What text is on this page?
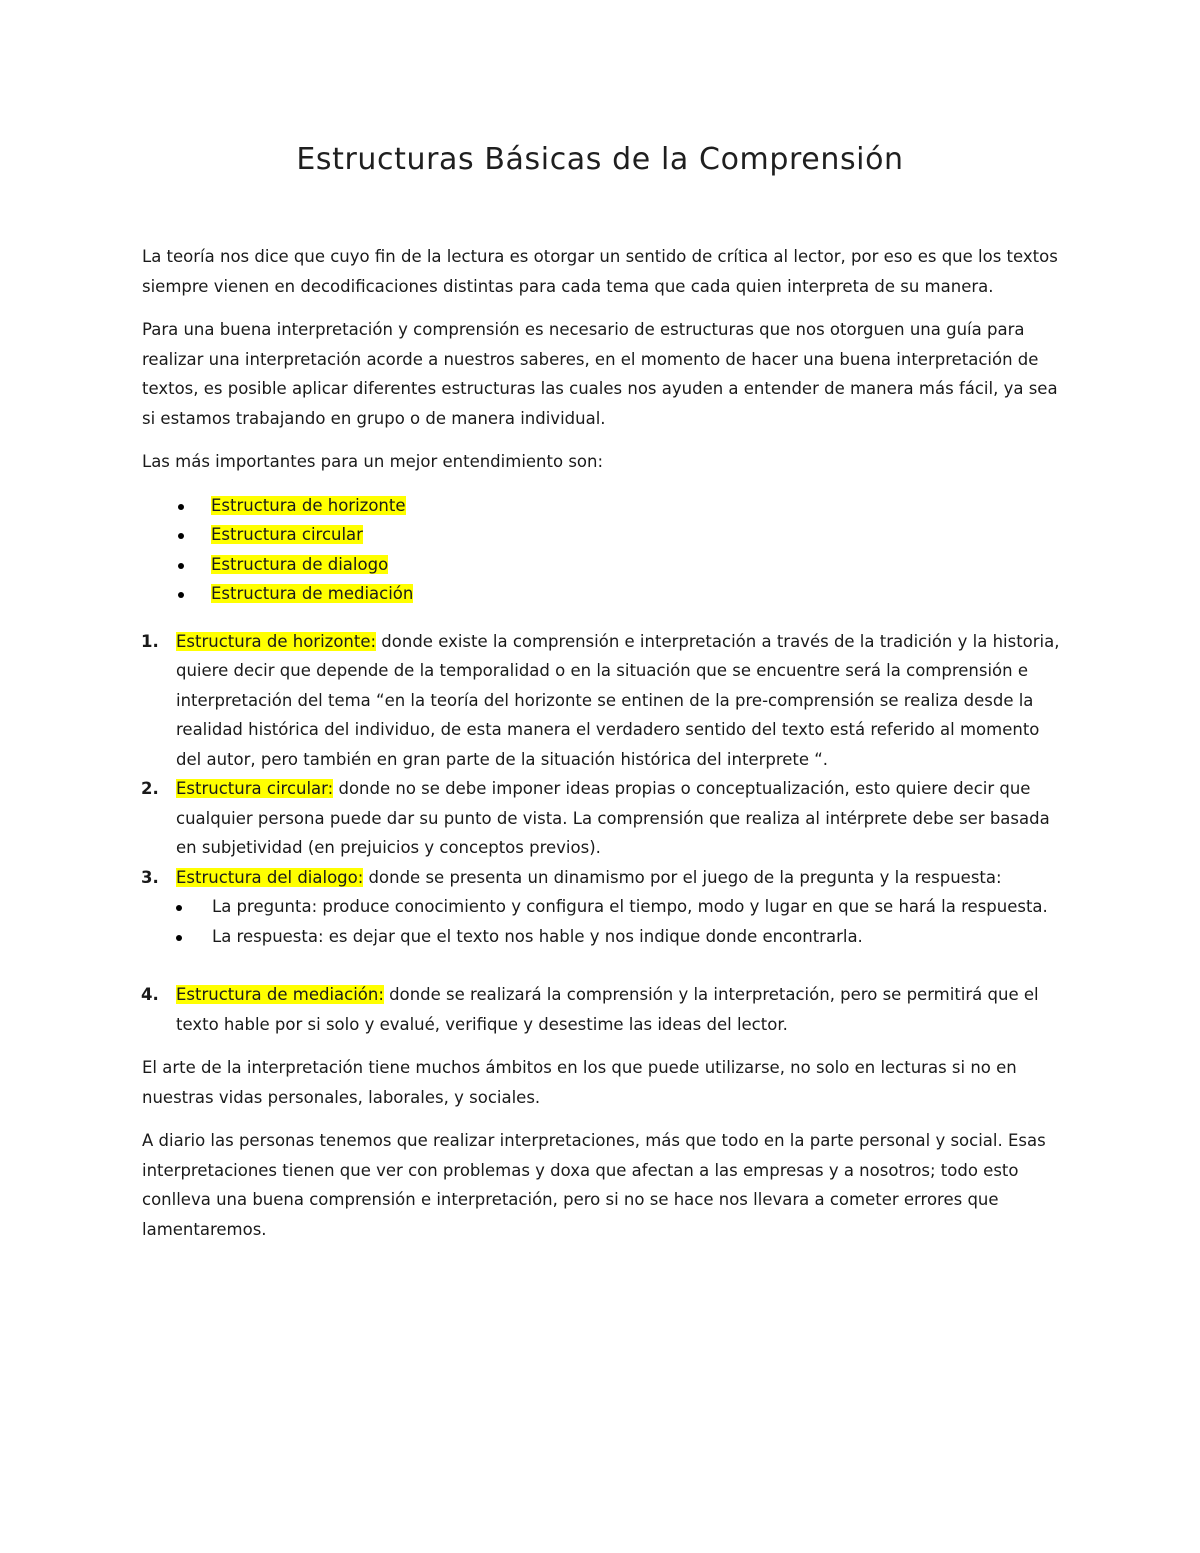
Estructuras Básicas de la Comprensión

La teoría nos dice que cuyo fin de la lectura es otorgar un sentido de crítica al lector, por eso es que los textos siempre vienen en decodificaciones distintas para cada tema que cada quien interpreta de su manera.

Para una buena interpretación y comprensión es necesario de estructuras que nos otorguen una guía para realizar una interpretación acorde a nuestros saberes, en el momento de hacer una buena interpretación de textos, es posible aplicar diferentes estructuras las cuales nos ayuden a entender de manera más fácil, ya sea si estamos trabajando en grupo o de manera individual.

Las más importantes para un mejor entendimiento son:

Estructura de horizonte
Estructura circular
Estructura de dialogo
Estructura de mediación
1. Estructura de horizonte: donde existe la comprensión e interpretación a través de la tradición y la historia, quiere decir que depende de la temporalidad o en la situación que se encuentre será la comprensión e interpretación del tema “en la teoría del horizonte se entinen de la pre-comprensión se realiza desde la realidad histórica del individuo, de esta manera el verdadero sentido del texto está referido al momento del autor, pero también en gran parte de la situación histórica del interprete “.
2. Estructura circular: donde no se debe imponer ideas propias o conceptualización, esto quiere decir que cualquier persona puede dar su punto de vista. La comprensión que realiza al intérprete debe ser basada en subjetividad (en prejuicios y conceptos previos).
3. Estructura del dialogo: donde se presenta un dinamismo por el juego de la pregunta y la respuesta:
La pregunta: produce conocimiento y configura el tiempo, modo y lugar en que se hará la respuesta.
La respuesta: es dejar que el texto nos hable y nos indique donde encontrarla.
4. Estructura de mediación: donde se realizará la comprensión y la interpretación, pero se permitirá que el texto hable por si solo y evalué, verifique y desestime las ideas del lector.

El arte de la interpretación tiene muchos ámbitos en los que puede utilizarse, no solo en lecturas si no en nuestras vidas personales, laborales, y sociales.

A diario las personas tenemos que realizar interpretaciones, más que todo en la parte personal y social. Esas interpretaciones tienen que ver con problemas y doxa que afectan a las empresas y a nosotros; todo esto conlleva una buena comprensión e interpretación, pero si no se hace nos llevara a cometer errores que lamentaremos.
